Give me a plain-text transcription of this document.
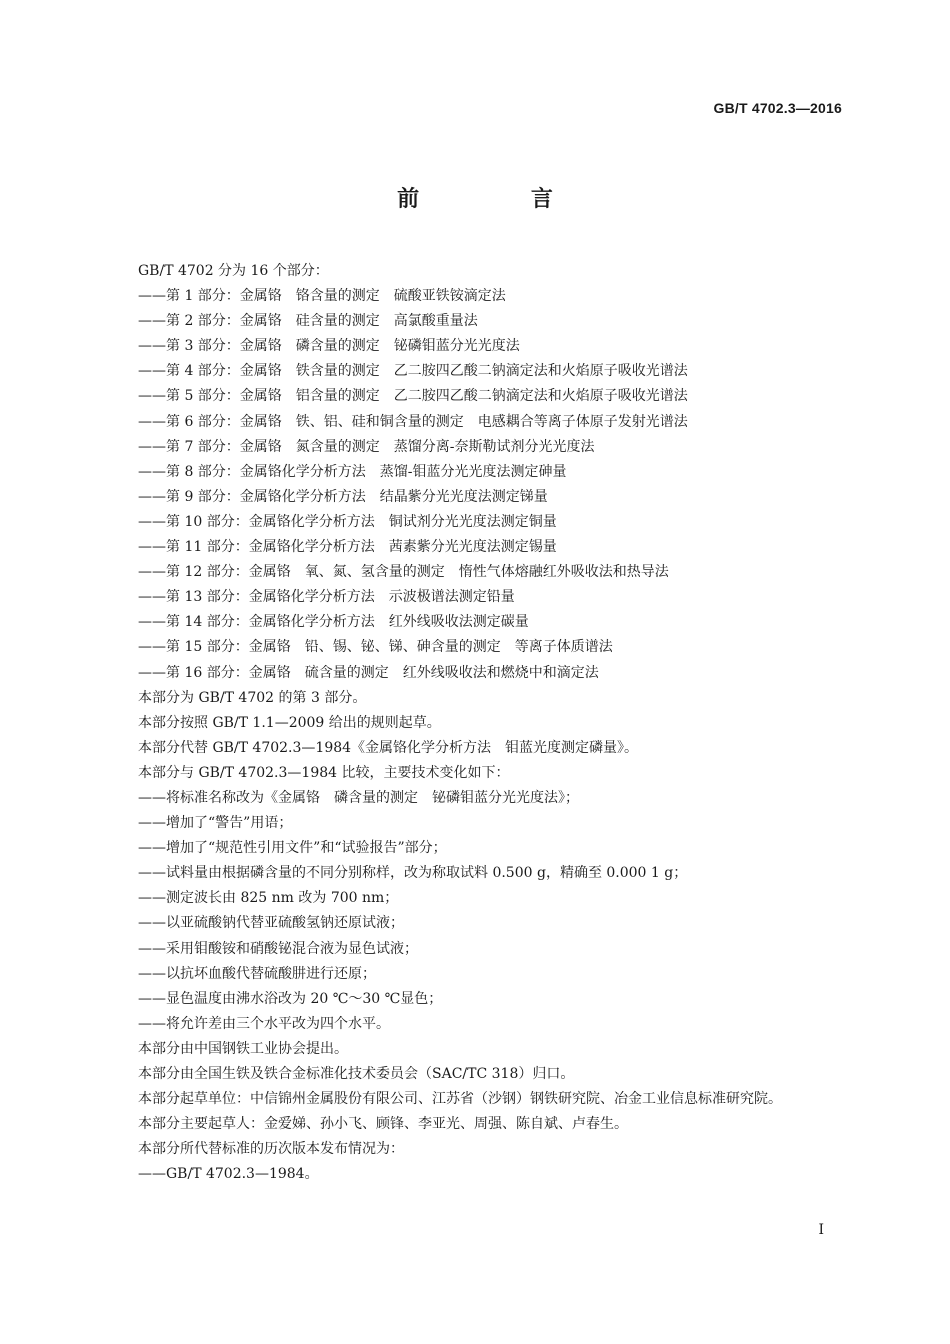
GB/T 4702.3—2016
前 言

GB/T 4702 分为 16 个部分：

——第 1 部分：金属铬　铬含量的测定　硫酸亚铁铵滴定法

——第 2 部分：金属铬　硅含量的测定　高氯酸重量法

——第 3 部分：金属铬　磷含量的测定　铋磷钼蓝分光光度法

——第 4 部分：金属铬　铁含量的测定　乙二胺四乙酸二钠滴定法和火焰原子吸收光谱法

——第 5 部分：金属铬　铝含量的测定　乙二胺四乙酸二钠滴定法和火焰原子吸收光谱法

——第 6 部分：金属铬　铁、铝、硅和铜含量的测定　电感耦合等离子体原子发射光谱法

——第 7 部分：金属铬　氮含量的测定　蒸馏分离-奈斯勒试剂分光光度法

——第 8 部分：金属铬化学分析方法　蒸馏-钼蓝分光光度法测定砷量

——第 9 部分：金属铬化学分析方法　结晶紫分光光度法测定锑量

——第 10 部分：金属铬化学分析方法　铜试剂分光光度法测定铜量

——第 11 部分：金属铬化学分析方法　茜素紫分光光度法测定锡量

——第 12 部分：金属铬　氧、氮、氢含量的测定　惰性气体熔融红外吸收法和热导法

——第 13 部分：金属铬化学分析方法　示波极谱法测定铅量

——第 14 部分：金属铬化学分析方法　红外线吸收法测定碳量

——第 15 部分：金属铬　铅、锡、铋、锑、砷含量的测定　等离子体质谱法

——第 16 部分：金属铬　硫含量的测定　红外线吸收法和燃烧中和滴定法

本部分为 GB/T 4702 的第 3 部分。

本部分按照 GB/T 1.1—2009 给出的规则起草。

本部分代替 GB/T 4702.3—1984《金属铬化学分析方法　钼蓝光度测定磷量》。

本部分与 GB/T 4702.3—1984 比较，主要技术变化如下：

——将标准名称改为《金属铬　磷含量的测定　铋磷钼蓝分光光度法》；

——增加了“警告”用语；

——增加了“规范性引用文件”和“试验报告”部分；

——试料量由根据磷含量的不同分别称样，改为称取试料 0.500 g，精确至 0.000 1 g；

——测定波长由 825 nm 改为 700 nm；

——以亚硫酸钠代替亚硫酸氢钠还原试液；

——采用钼酸铵和硝酸铋混合液为显色试液；

——以抗坏血酸代替硫酸肼进行还原；

——显色温度由沸水浴改为 20 ℃～30 ℃显色；

——将允许差由三个水平改为四个水平。

本部分由中国钢铁工业协会提出。

本部分由全国生铁及铁合金标准化技术委员会（SAC/TC 318）归口。

本部分起草单位：中信锦州金属股份有限公司、江苏省（沙钢）钢铁研究院、冶金工业信息标准研究院。

本部分主要起草人：金爱娣、孙小飞、顾锋、李亚光、周强、陈自斌、卢春生。

本部分所代替标准的历次版本发布情况为：

——GB/T 4702.3—1984。

I
